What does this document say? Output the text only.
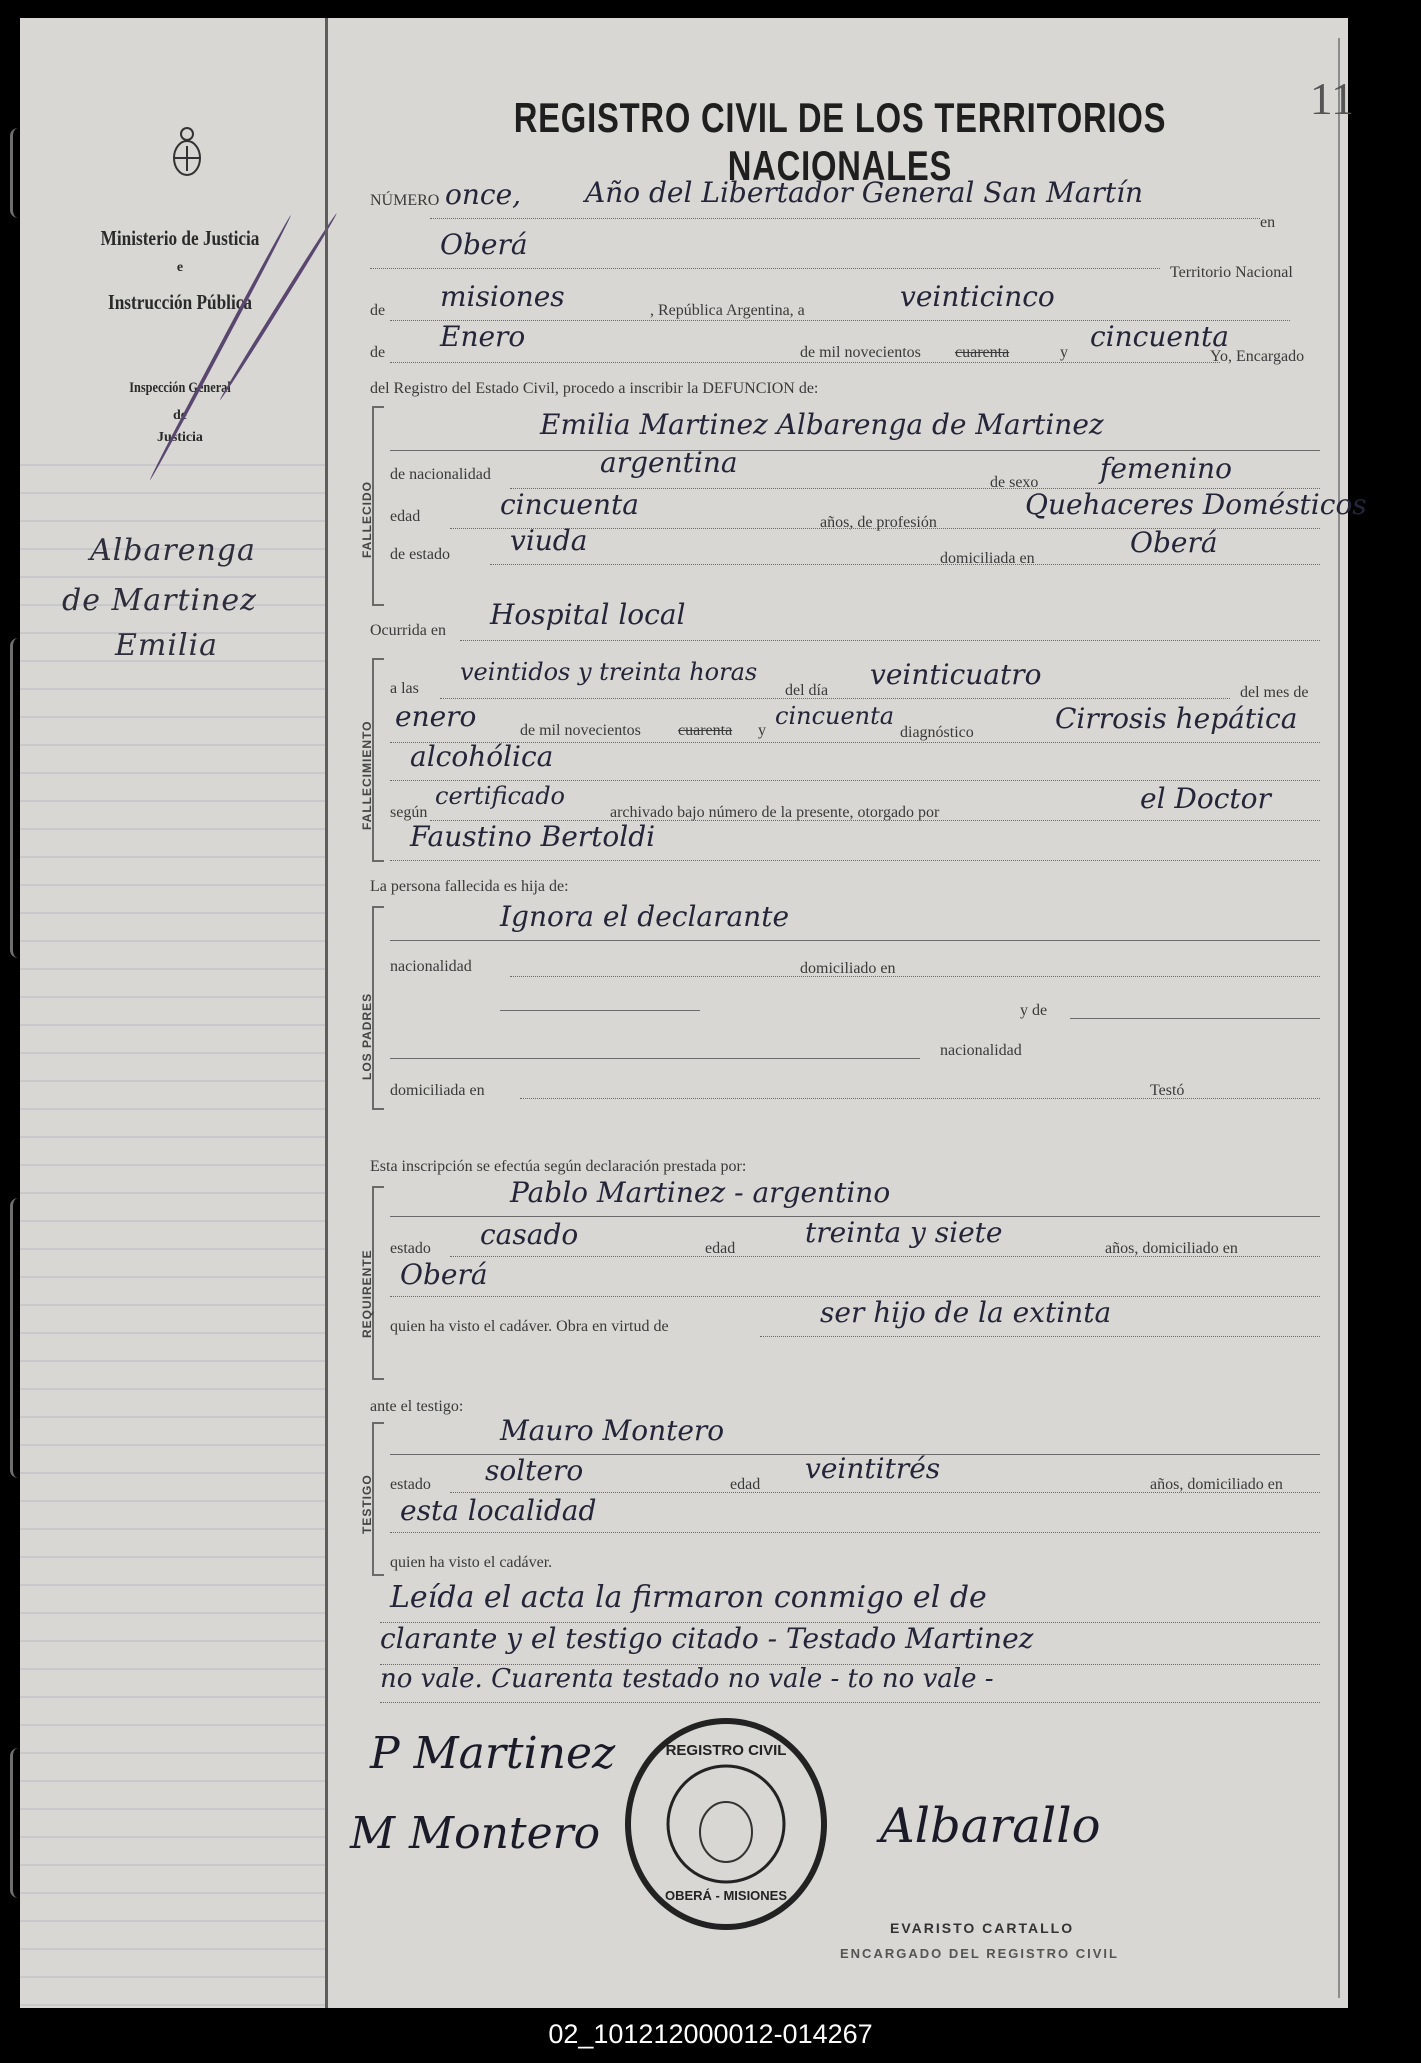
Ministerio de Justicia
e
Instrucción Pública
Inspección General
de
Justicia
Albarenga
de Martinez
Emilia
REGISTRO CIVIL DE LOS TERRITORIOS NACIONALES
11
NÚMERO once, Año del Libertador General San Martín
en
Oberá
Territorio Nacional
de misiones	, República Argentina, a	veinticinco
de Enero	de mil novecientos cuarenta	y cincuenta
Yo, Encargado
del Registro del Estado Civil, procedo a inscribir la DEFUNCION de:
FALLECIDO
Emilia Martinez Albarenga de Martinez
de nacionalidad	argentina
de sexo femenino
edad	cincuenta
años, de profesión
Quehaceres Domésticos
de estado viuda
domiciliada en	Oberá
Ocurrida en Hospital local
FALLECIMIENTO
a las
veintidos y treinta horas
del día veinticuatro
del mes de
enero	de mil novecientos cuarenta y
cincuenta
diagnóstico	Cirrosis hepática
alcohólica
según
certificado
archivado bajo número de la presente, otorgado por	el Doctor
Faustino Bertoldi
La persona fallecida es hija de:
LOS PADRES
Ignora el declarante
nacionalidad	domiciliado en
y de
nacionalidad
domiciliada en	Testó
Esta inscripción se efectúa según declaración prestada por:
REQUIRENTE
Pablo Martinez - argentino
estado casado	edad treinta y siete	años, domiciliado en
Oberá
quien ha visto el cadáver. Obra en virtud de	ser hijo de la extinta
ante el testigo:
TESTIGO
Mauro Montero
estado soltero	edad veintitrés	años, domiciliado en
esta localidad
quien ha visto el cadáver.
Leída el acta la firmaron conmigo el de
clarante y el testigo citado - Testado Martinez
no vale. Cuarenta testado no vale - to no vale -
P Martinez
M Montero
REGISTRO CIVIL
OBERÁ - MISIONES
Albarallo
EVARISTO CARTALLO
ENCARGADO DEL REGISTRO CIVIL
02_101212000012-014267
